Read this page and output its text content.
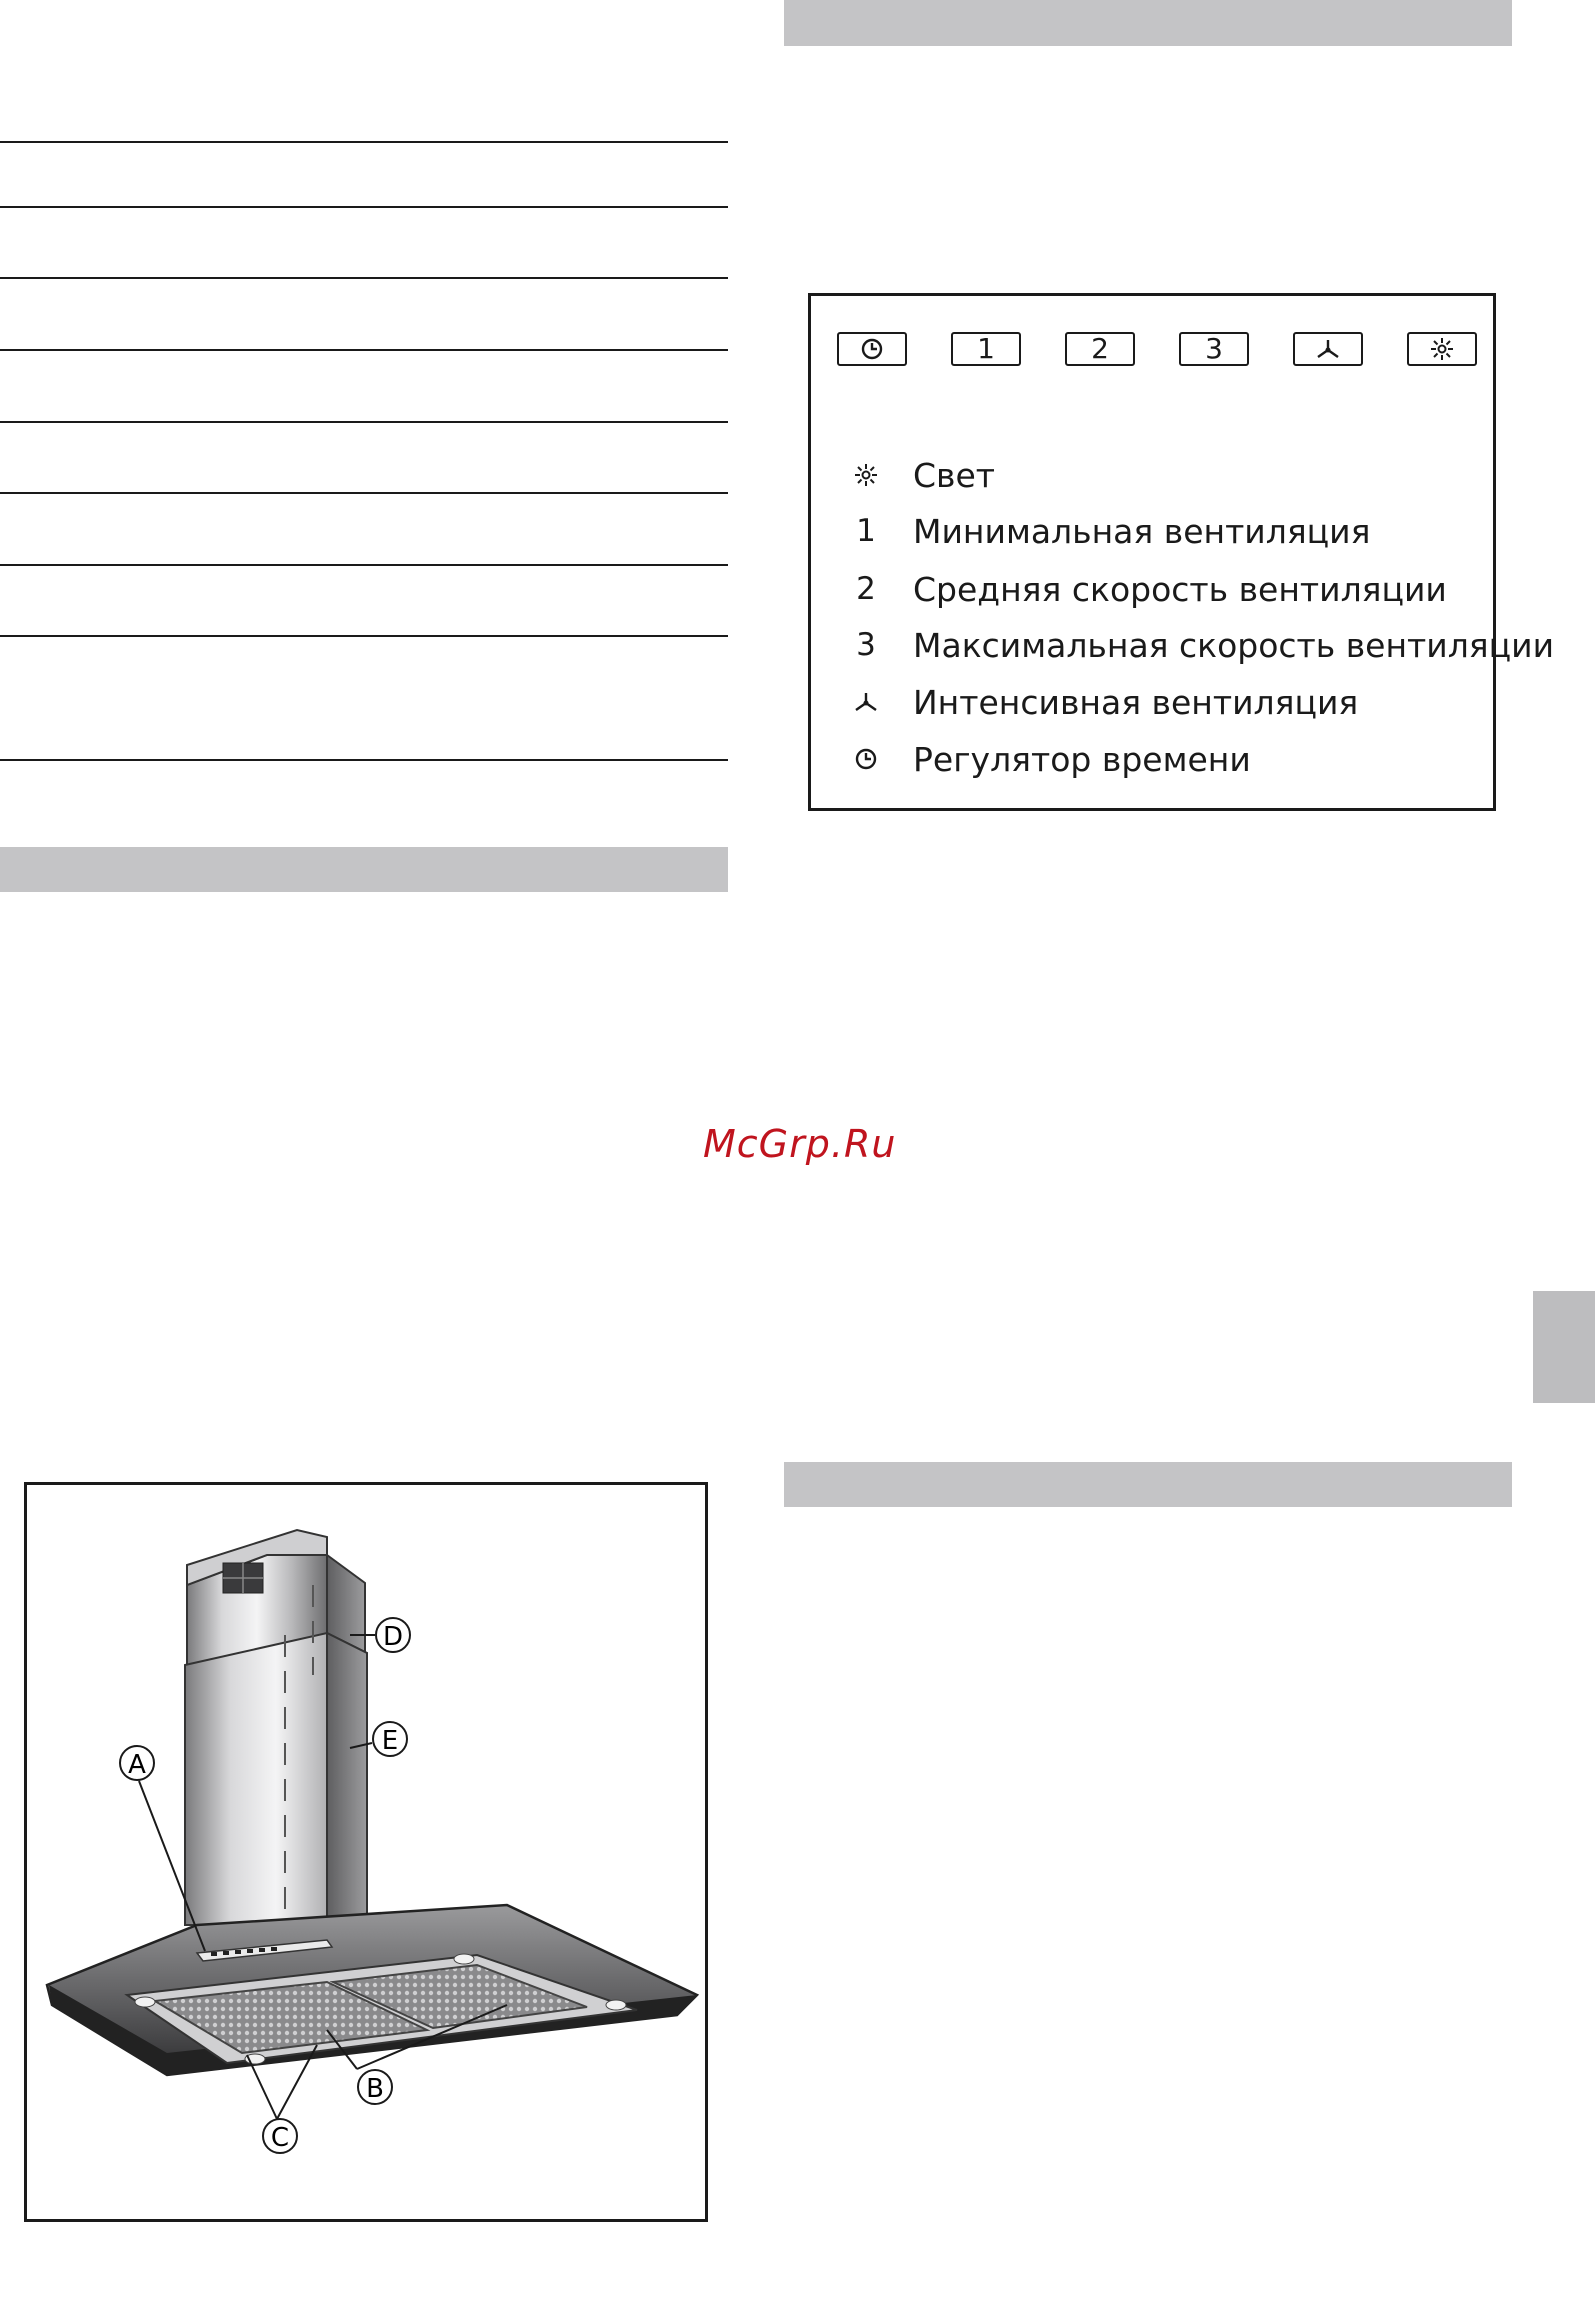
1	2	3
Свет
1	Минимальная вентиляция
2	Средняя скорость вентиляции
3	Максимальная скорость вентиляции
Интенсивная вентиляция
Регулятор времени
McGrp.Ru
D
E
A
B
C
